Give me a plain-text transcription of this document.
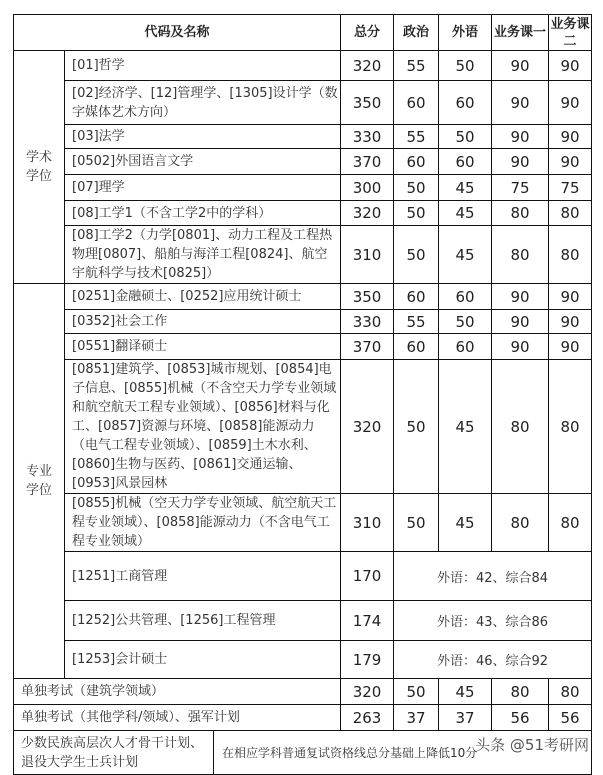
代码及名称		总分	政治	外语	业务课一	业务课二
学术学位	[01]哲学	320	55	50	90	90
	[02]经济学、[12]管理学、[1305]设计学（数字媒体艺术方向）	350	60	60	90	90
	[03]法学	330	55	50	90	90
	[0502]外国语言文学	370	60	60	90	90
	[07]理学	300	50	45	75	75
	[08]工学1（不含工学2中的学科）	320	50	45	80	80
	[08]工学2（力学[0801]、动力工程及工程热物理[0807]、船舶与海洋工程[0824]、航空宇航科学与技术[0825]）	310	50	45	80	80
专业学位	[0251]金融硕士、[0252]应用统计硕士	350	60	60	90	90
	[0352]社会工作	330	55	50	90	90
	[0551]翻译硕士	370	60	60	90	90
	[0851]建筑学、[0853]城市规划、[0854]电子信息、[0855]机械（不含空天力学专业领域和航空航天工程专业领域）、[0856]材料与化工、[0857]资源与环境、[0858]能源动力（电气工程专业领域）、[0859]土木水利、[0860]生物与医药、[0861]交通运输、[0953]风景园林	320	50	45	80	80
	[0855]机械（空天力学专业领域、航空航天工程专业领域）、[0858]能源动力（不含电气工程专业领域）	310	50	45	80	80
	[1251]工商管理	170	外语：42、综合84			
	[1252]公共管理、[1256]工程管理	174	外语：43、综合86			
	[1253]会计硕士	179	外语：46、综合92			
单独考试（建筑学领域）		320	50	45	80	80
单独考试（其他学科/领域）、强军计划		263	37	37	56	56

少数民族高层次人才骨干计划、退役大学生士兵计划
在相应学科普通复试资格线总分基础上降低10分						
头条 @51考研网
